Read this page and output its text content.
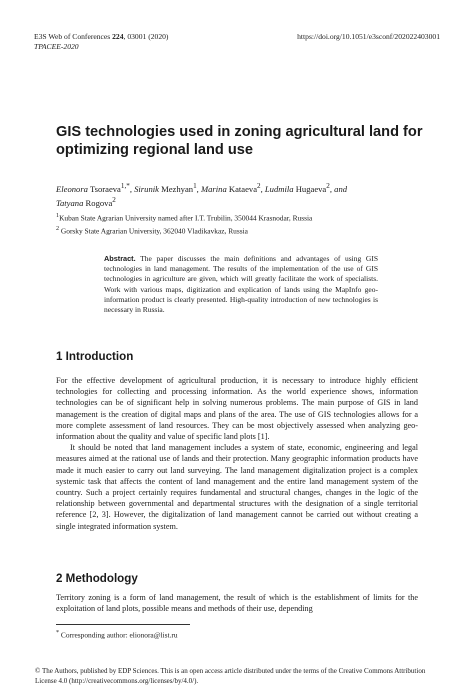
E3S Web of Conferences 224, 03001 (2020)	https://doi.org/10.1051/e3sconf/202022403001
TPACEE-2020
GIS technologies used in zoning agricultural land for optimizing regional land use
Eleonora Tsoraeva$^{1,*}$, Sirunik Mezhyan$^1$, Marina Kataeva$^2$, Ludmila Hugaeva$^2$, and
Tatyana Rogova$^2$
$^1$Kuban State Agrarian University named after I.T. Trubilin, 350044 Krasnodar, Russia
$^2$ Gorsky State Agrarian University, 362040 Vladikavkaz, Russia
Abstract. The paper discusses the main definitions and advantages of using GIS technologies in land management. The results of the implementation of the use of GIS technologies in agriculture are given, which will greatly facilitate the work of specialists. Work with various maps, digitization and explication of lands using the MapInfo geo-information product is clearly presented. High-quality introduction of new technologies is necessary in Russia.
1 Introduction

For the effective development of agricultural production, it is necessary to introduce highly efficient technologies for collecting and processing information. As the world experience shows, information technologies can be of significant help in solving numerous problems. The main purpose of GIS in land management is the creation of digital maps and plans of the area. The use of GIS technologies allows for a more complete assessment of land resources. They can be most objectively assessed when analyzing geo-information about the quality and value of specific land plots [1].

It should be noted that land management includes a system of state, economic, engineering and legal measures aimed at the rational use of lands and their protection. Many geographic information products have made it much easier to carry out land surveying. The land management digitalization project is a complex systemic task that affects the content of land management and the entire land management system of the country. Such a project certainly requires fundamental and structural changes, changes in the logic of the relationship between governmental and departmental structures with the designation of a single territorial reference [2, 3]. However, the digitalization of land management cannot be carried out without creating a single integrated information system.

2 Methodology

Territory zoning is a form of land management, the result of which is the establishment of limits for the exploitation of land plots, possible means and methods of their use, depending

* Corresponding author: elionora@list.ru
© The Authors, published by EDP Sciences. This is an open access article distributed under the terms of the Creative Commons Attribution License 4.0 (http://creativecommons.org/licenses/by/4.0/).
